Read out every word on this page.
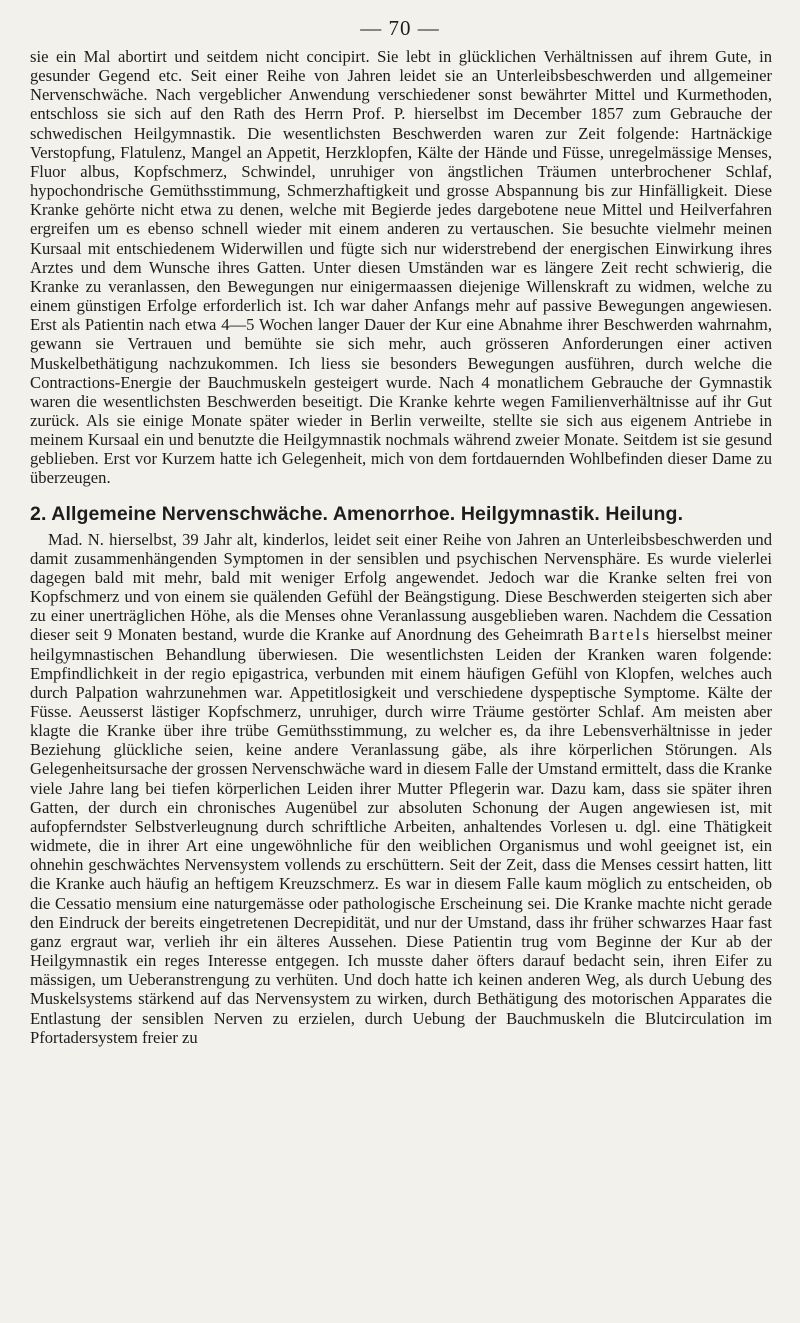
— 70 —

sie ein Mal abortirt und seitdem nicht concipirt. Sie lebt in glücklichen Verhältnissen auf ihrem Gute, in gesunder Gegend etc. Seit einer Reihe von Jahren leidet sie an Unterleibsbeschwerden und allgemeiner Nervenschwäche. Nach vergeblicher Anwendung verschiedener sonst bewährter Mittel und Kurmethoden, entschloss sie sich auf den Rath des Herrn Prof. P. hierselbst im December 1857 zum Gebrauche der schwedischen Heilgymnastik. Die wesentlichsten Beschwerden waren zur Zeit folgende: Hartnäckige Verstopfung, Flatulenz, Mangel an Appetit, Herzklopfen, Kälte der Hände und Füsse, unregelmässige Menses, Fluor albus, Kopfschmerz, Schwindel, unruhiger von ängstlichen Träumen unterbrochener Schlaf, hypochondrische Gemüthsstimmung, Schmerzhaftigkeit und grosse Abspannung bis zur Hinfälligkeit. Diese Kranke gehörte nicht etwa zu denen, welche mit Begierde jedes dargebotene neue Mittel und Heilverfahren ergreifen um es ebenso schnell wieder mit einem anderen zu vertauschen. Sie besuchte vielmehr meinen Kursaal mit entschiedenem Widerwillen und fügte sich nur widerstrebend der energischen Einwirkung ihres Arztes und dem Wunsche ihres Gatten. Unter diesen Umständen war es längere Zeit recht schwierig, die Kranke zu veranlassen, den Bewegungen nur einigermaassen diejenige Willenskraft zu widmen, welche zu einem günstigen Erfolge erforderlich ist. Ich war daher Anfangs mehr auf passive Bewegungen angewiesen. Erst als Patientin nach etwa 4—5 Wochen langer Dauer der Kur eine Abnahme ihrer Beschwerden wahrnahm, gewann sie Vertrauen und bemühte sie sich mehr, auch grösseren Anforderungen einer activen Muskelbethätigung nachzukommen. Ich liess sie besonders Bewegungen ausführen, durch welche die Contractions-Energie der Bauchmuskeln gesteigert wurde. Nach 4 monatlichem Gebrauche der Gymnastik waren die wesentlichsten Beschwerden beseitigt. Die Kranke kehrte wegen Familienverhältnisse auf ihr Gut zurück. Als sie einige Monate später wieder in Berlin verweilte, stellte sie sich aus eigenem Antriebe in meinem Kursaal ein und benutzte die Heilgymnastik nochmals während zweier Monate. Seitdem ist sie gesund geblieben. Erst vor Kurzem hatte ich Gelegenheit, mich von dem fortdauernden Wohlbefinden dieser Dame zu überzeugen.

2. Allgemeine Nervenschwäche. Amenorrhoe. Heilgymnastik. Heilung.

Mad. N. hierselbst, 39 Jahr alt, kinderlos, leidet seit einer Reihe von Jahren an Unterleibsbeschwerden und damit zusammenhängenden Symptomen in der sensiblen und psychischen Nervensphäre. Es wurde vielerlei dagegen bald mit mehr, bald mit weniger Erfolg angewendet. Jedoch war die Kranke selten frei von Kopfschmerz und von einem sie quälenden Gefühl der Beängstigung. Diese Beschwerden steigerten sich aber zu einer unerträglichen Höhe, als die Menses ohne Veranlassung ausgeblieben waren. Nachdem die Cessation dieser seit 9 Monaten bestand, wurde die Kranke auf Anordnung des Geheimrath Bartels hierselbst meiner heilgymnastischen Behandlung überwiesen. Die wesentlichsten Leiden der Kranken waren folgende: Empfindlichkeit in der regio epigastrica, verbunden mit einem häufigen Gefühl von Klopfen, welches auch durch Palpation wahrzunehmen war. Appetitlosigkeit und verschiedene dyspeptische Symptome. Kälte der Füsse. Aeusserst lästiger Kopfschmerz, unruhiger, durch wirre Träume gestörter Schlaf. Am meisten aber klagte die Kranke über ihre trübe Gemüthsstimmung, zu welcher es, da ihre Lebensverhältnisse in jeder Beziehung glückliche seien, keine andere Veranlassung gäbe, als ihre körperlichen Störungen. Als Gelegenheitsursache der grossen Nervenschwäche ward in diesem Falle der Umstand ermittelt, dass die Kranke viele Jahre lang bei tiefen körperlichen Leiden ihrer Mutter Pflegerin war. Dazu kam, dass sie später ihren Gatten, der durch ein chronisches Augenübel zur absoluten Schonung der Augen angewiesen ist, mit aufopferndster Selbstverleugnung durch schriftliche Arbeiten, anhaltendes Vorlesen u. dgl. eine Thätigkeit widmete, die in ihrer Art eine ungewöhnliche für den weiblichen Organismus und wohl geeignet ist, ein ohnehin geschwächtes Nervensystem vollends zu erschüttern. Seit der Zeit, dass die Menses cessirt hatten, litt die Kranke auch häufig an heftigem Kreuzschmerz. Es war in diesem Falle kaum möglich zu entscheiden, ob die Cessatio mensium eine naturgemässe oder pathologische Erscheinung sei. Die Kranke machte nicht gerade den Eindruck der bereits eingetretenen Decrepidität, und nur der Umstand, dass ihr früher schwarzes Haar fast ganz ergraut war, verlieh ihr ein älteres Aussehen. Diese Patientin trug vom Beginne der Kur ab der Heilgymnastik ein reges Interesse entgegen. Ich musste daher öfters darauf bedacht sein, ihren Eifer zu mässigen, um Ueberanstrengung zu verhüten. Und doch hatte ich keinen anderen Weg, als durch Uebung des Muskelsystems stärkend auf das Nervensystem zu wirken, durch Bethätigung des motorischen Apparates die Entlastung der sensiblen Nerven zu erzielen, durch Uebung der Bauchmuskeln die Blutcirculation im Pfortadersystem freier zu
